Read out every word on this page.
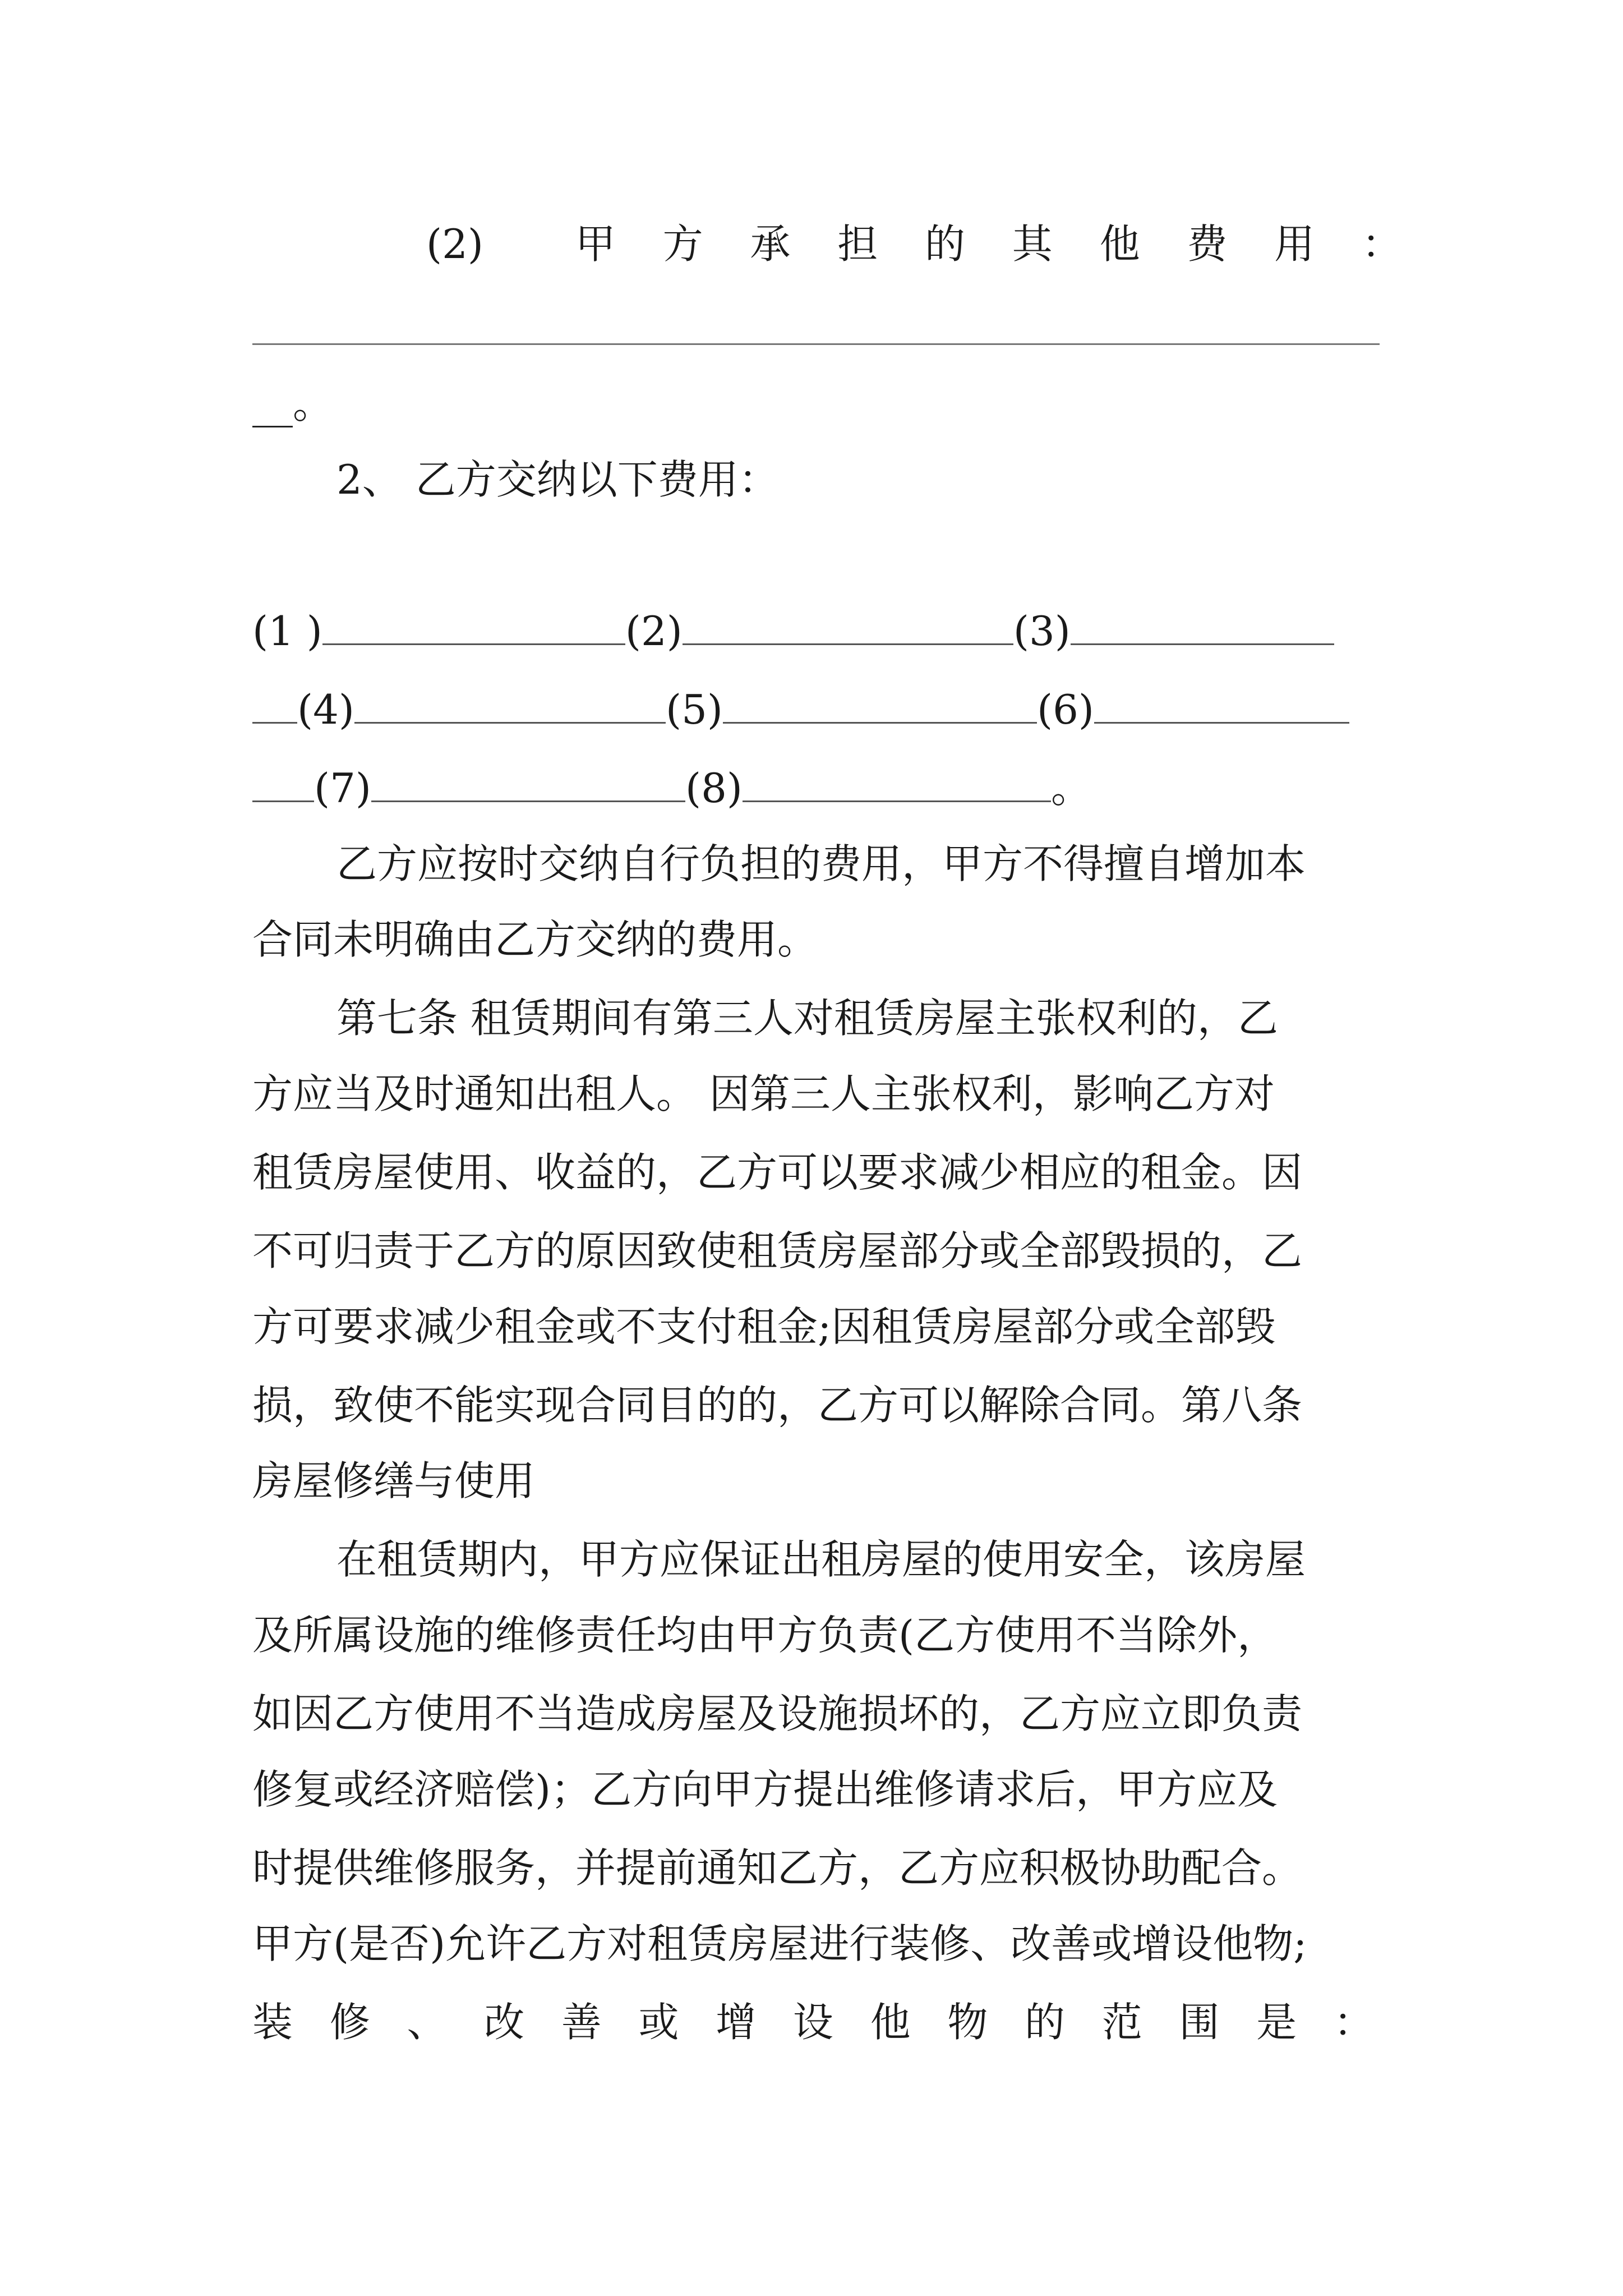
(2) 甲 方 承 担 的 其 他 费 用 ：
__。
2、 乙方交纳以下费用：
(1 )	(2)	(3)
(4)	(5)	(6)
(7)	(8)	。
乙方应按时交纳自行负担的费用，甲方不得擅自增加本
合同未明确由乙方交纳的费用。
第七条 租赁期间有第三人对租赁房屋主张权利的，乙
方应当及时通知出租人。 因第三人主张权利，影响乙方对
租赁房屋使用、收益的，乙方可以要求减少相应的租金。因
不可归责于乙方的原因致使租赁房屋部分或全部毁损的，乙
方可要求减少租金或不支付租金;因租赁房屋部分或全部毁
损，致使不能实现合同目的的，乙方可以解除合同。第八条
房屋修缮与使用
在租赁期内，甲方应保证出租房屋的使用安全，该房屋
及所属设施的维修责任均由甲方负责(乙方使用不当除外，
如因乙方使用不当造成房屋及设施损坏的，乙方应立即负责
修复或经济赔偿)；乙方向甲方提出维修请求后，甲方应及
时提供维修服务，并提前通知乙方，乙方应积极协助配合。
甲方(是否)允许乙方对租赁房屋进行装修、改善或增设他物;
装 修 、 改 善 或 增 设 他 物 的 范 围 是 ：
